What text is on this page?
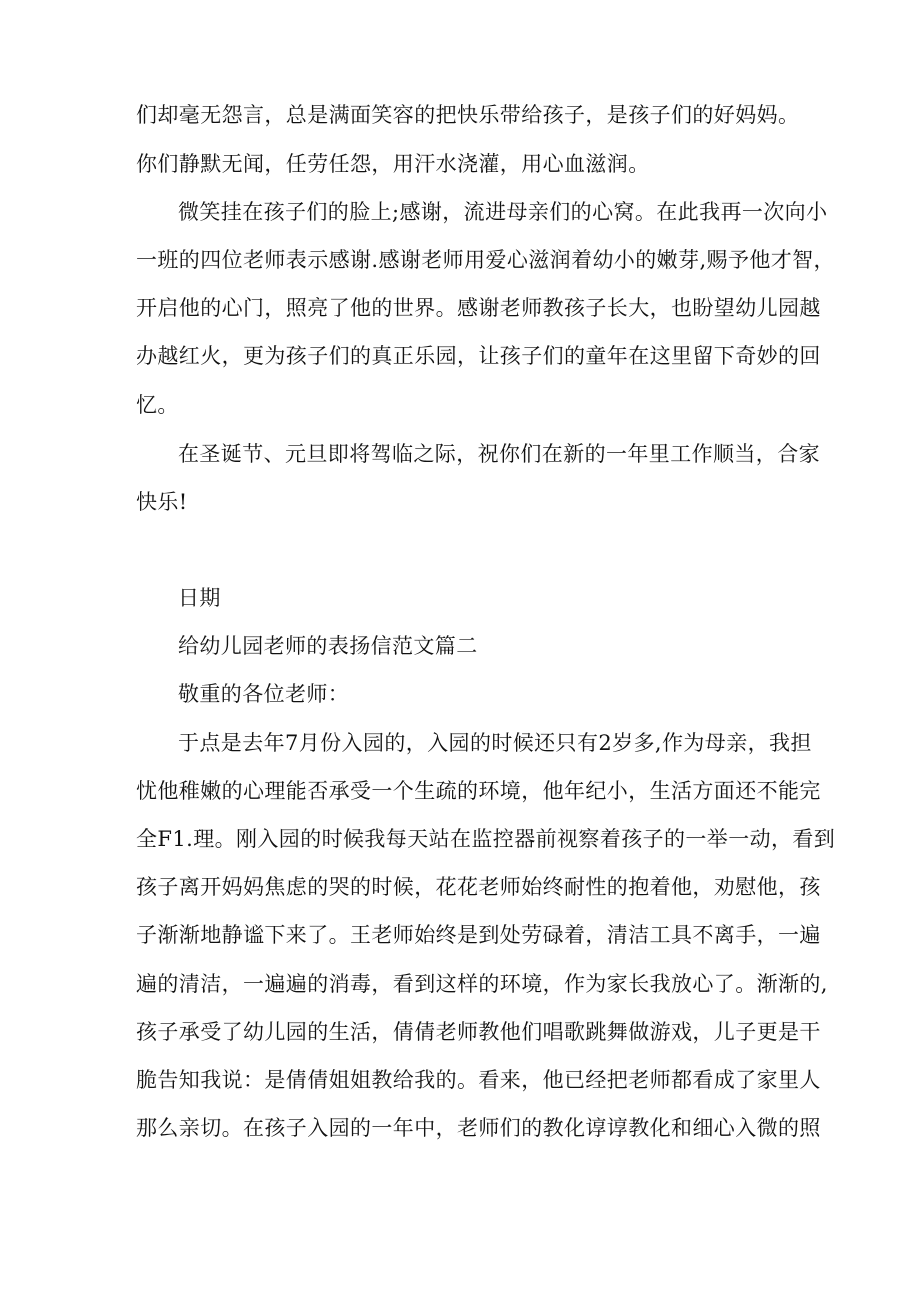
们却毫无怨言，总是满面笑容的把快乐带给孩子，是孩子们的好妈妈。
你们静默无闻，任劳任怨，用汗水浇灌，用心血滋润。
微笑挂在孩子们的脸上;感谢，流进母亲们的心窝。在此我再一次向小
一班的四位老师表示感谢.感谢老师用爱心滋润着幼小的嫩芽,赐予他才智，
开启他的心门，照亮了他的世界。感谢老师教孩子长大，也盼望幼儿园越
办越红火，更为孩子们的真正乐园，让孩子们的童年在这里留下奇妙的回
忆。
在圣诞节、元旦即将驾临之际，祝你们在新的一年里工作顺当，合家
快乐!
日期
给幼儿园老师的表扬信范文篇二
敬重的各位老师：
于点是去年7月份入园的，入园的时候还只有2岁多,作为母亲，我担
忧他稚嫩的心理能否承受一个生疏的环境，他年纪小，生活方面还不能完
全F1.理。刚入园的时候我每天站在监控器前视察着孩子的一举一动，看到
孩子离开妈妈焦虑的哭的时候，花花老师始终耐性的抱着他，劝慰他，孩
子渐渐地静谧下来了。王老师始终是到处劳碌着，清洁工具不离手，一遍
遍的清洁，一遍遍的消毒，看到这样的环境，作为家长我放心了。渐渐的,
孩子承受了幼儿园的生活，倩倩老师教他们唱歌跳舞做游戏，儿子更是干
脆告知我说：是倩倩姐姐教给我的。看来，他已经把老师都看成了家里人
那么亲切。在孩子入园的一年中，老师们的教化谆谆教化和细心入微的照
